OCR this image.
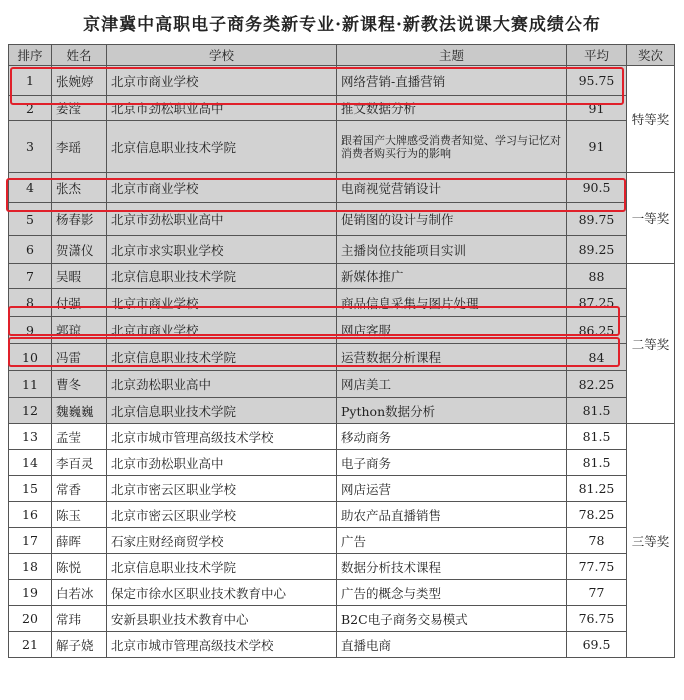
京津冀中高职电子商务类新专业·新课程·新教法说课大赛成绩公布
排序	姓名	学校	主题	平均	奖次
1	张婉婷	北京市商业学校	网络营销-直播营销	95.75	特等奖
2	姜滢	北京市劲松职业高中	推文数据分析	91	
3	李瑶	北京信息职业技术学院	跟着国产大牌感受消费者知觉、学习与记忆对消费者购买行为的影响	91	
4	张杰	北京市商业学校	电商视觉营销设计	90.5	一等奖
5	杨春影	北京市劲松职业高中	促销图的设计与制作	89.75	
6	贺潇仪	北京市求实职业学校	主播岗位技能项目实训	89.25	
7	吴暇	北京信息职业技术学院	新媒体推广	88	二等奖
8	付强	北京市商业学校	商品信息采集与图片处理	87.25	
9	郭琼	北京市商业学校	网店客服	86.25	
10	冯雷	北京信息职业技术学院	运营数据分析课程	84	
11	曹冬	北京劲松职业高中	网店美工	82.25	
12	魏巍巍	北京信息职业技术学院	Python数据分析	81.5	
13	孟莹	北京市城市管理高级技术学校	移动商务	81.5	三等奖
14	李百灵	北京市劲松职业高中	电子商务	81.5	
15	常香	北京市密云区职业学校	网店运营	81.25	
16	陈玉	北京市密云区职业学校	助农产品直播销售	78.25	
17	薛晖	石家庄财经商贸学校	广告	78	
18	陈悦	北京信息职业技术学院	数据分析技术课程	77.75	
19	白若冰	保定市徐水区职业技术教育中心	广告的概念与类型	77	
20	常玮	安新县职业技术教育中心	B2C电子商务交易模式	76.75	
21	解子娆	北京市城市管理高级技术学校	直播电商	69.5	
